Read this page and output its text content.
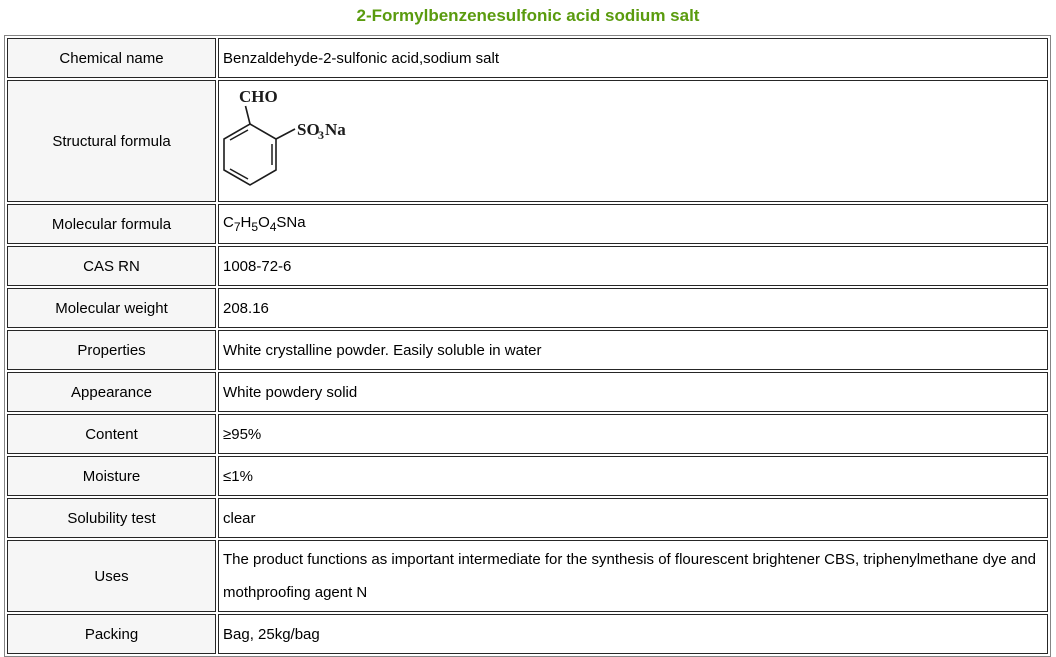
2-Formylbenzenesulfonic acid sodium salt
Chemical name	Benzaldehyde-2-sulfonic acid,sodium salt
Structural formula	CHO
SO
3 Na

Molecular formula	$C_7H_5O_4SNa$
CAS RN	1008-72-6
Molecular weight	208.16
Properties	White crystalline powder. Easily soluble in water
Appearance	White powdery solid
Content	≥95%
Moisture	≤1%
Solubility test	clear
Uses	The product functions as important intermediate for the synthesis of flourescent brightener CBS, triphenylmethane dye and mothproofing agent N
Packing	Bag, 25kg/bag
